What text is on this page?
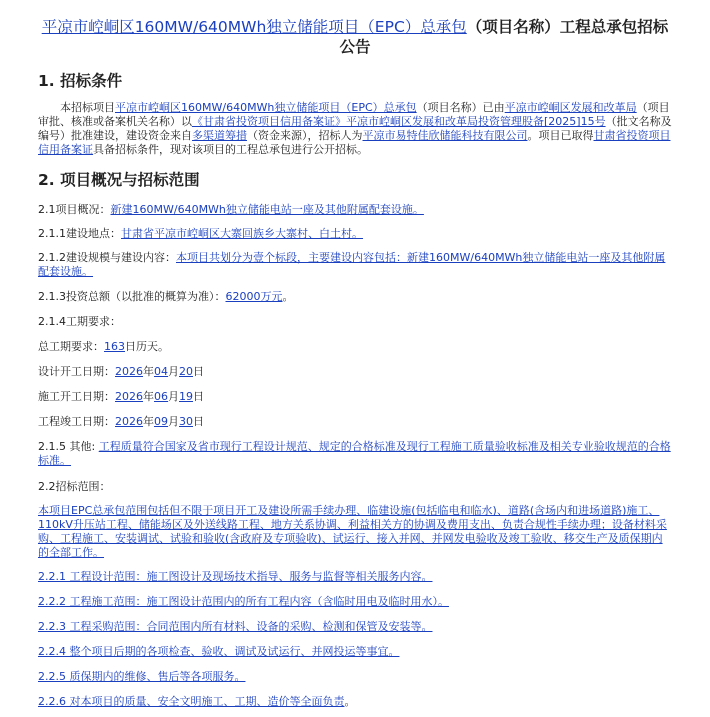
平凉市崆峒区160MW/640MWh独立储能项目（EPC）总承包（项目名称）工程总承包招标
公告
1. 招标条件

本招标项目平凉市崆峒区160MW/640MWh独立储能项目（EPC）总承包（项目名称）已由平凉市崆峒区发展和改革局（项目审批、核准或备案机关名称）以《甘肃省投资项目信用备案证》平凉市崆峒区发展和改革局投资管理股备[2025]15号（批文名称及编号）批准建设，建设资金来自多渠道筹措（资金来源），招标人为平凉市易特佳欣储能科技有限公司。项目已取得甘肃省投资项目信用备案证具备招标条件，现对该项目的工程总承包进行公开招标。

2. 项目概况与招标范围

2.1项目概况：新建160MW/640MWh独立储能电站一座及其他附属配套设施。

2.1.1建设地点：甘肃省平凉市崆峒区大寨回族乡大寨村、白土村。

2.1.2建设规模与建设内容：本项目共划分为壹个标段，主要建设内容包括：新建160MW/640MWh独立储能电站一座及其他附属配套设施。

2.1.3投资总额（以批准的概算为准）：62000万元。

2.1.4工期要求：

总工期要求：163日历天。

设计开工日期：2026年04月20日

施工开工日期：2026年06月19日

工程竣工日期：2026年09月30日

2.1.5 其他: 工程质量符合国家及省市现行工程设计规范、规定的合格标准及现行工程施工质量验收标准及相关专业验收规范的合格标准。

2.2招标范围：

本项目EPC总承包范围包括但不限于项目开工及建设所需手续办理、临建设施(包括临电和临水)、道路(含场内和进场道路)施工、110kV升压站工程、储能场区及外送线路工程、地方关系协调、利益相关方的协调及费用支出、负责合规性手续办理；设备材料采购、工程施工、安装调试、试验和验收(含政府及专项验收)、试运行、接入并网、并网发电验收及竣工验收、移交生产及质保期内的全部工作。

2.2.1 工程设计范围：施工图设计及现场技术指导、服务与监督等相关服务内容。

2.2.2 工程施工范围：施工图设计范围内的所有工程内容（含临时用电及临时用水）。

2.2.3 工程采购范围：合同范围内所有材料、设备的采购、检测和保管及安装等。

2.2.4 整个项目后期的各项检查、验收、调试及试运行、并网投运等事宜。

2.2.5 质保期内的维修、售后等各项服务。

2.2.6 对本项目的质量、安全文明施工、工期、造价等全面负责。
